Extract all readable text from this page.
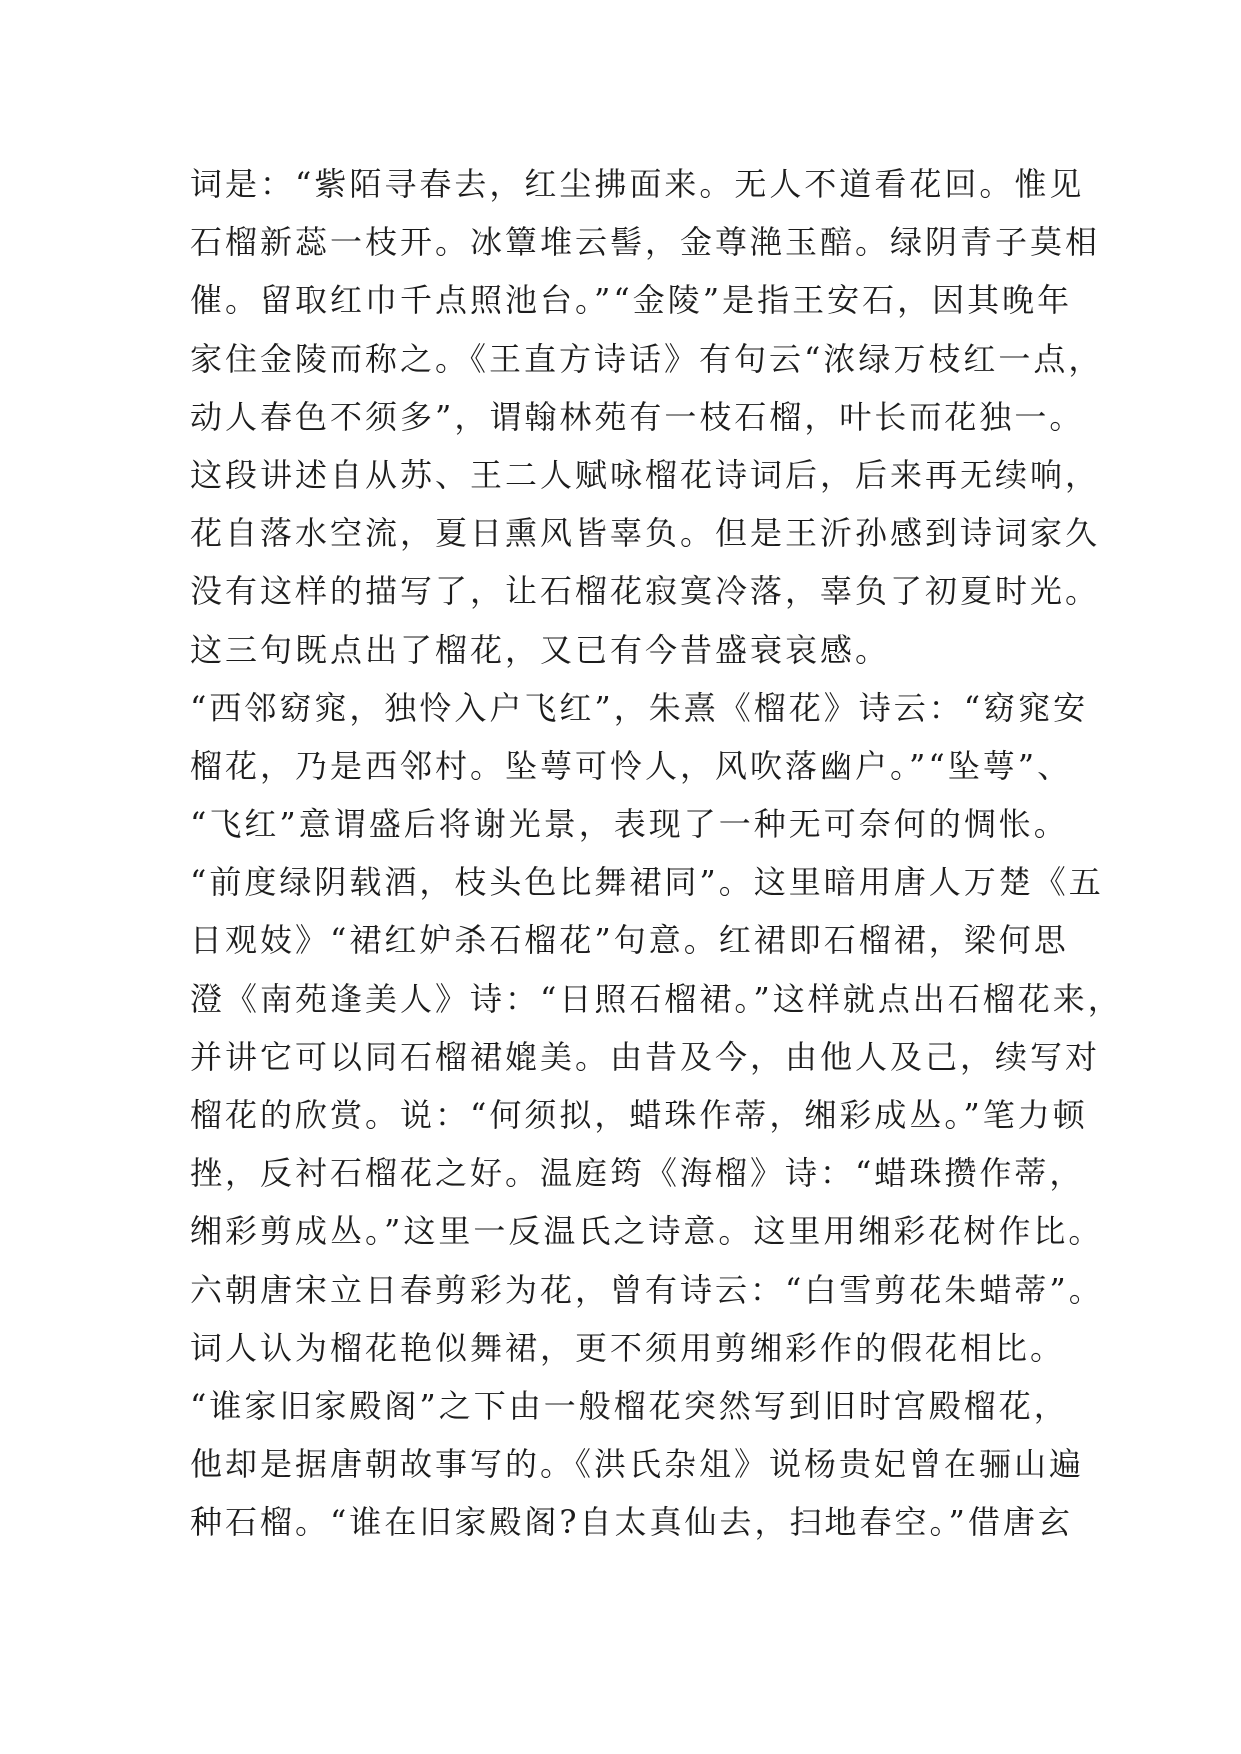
词是：“紫陌寻春去，红尘拂面来。无人不道看花回。惟见
石榴新蕊一枝开。冰簟堆云髻，金尊滟玉醅。绿阴青子莫相
催。留取红巾千点照池台。”“金陵”是指王安石，因其晚年
家住金陵而称之。《王直方诗话》有句云“浓绿万枝红一点，
动人春色不须多”，谓翰林苑有一枝石榴，叶长而花独一。
这段讲述自从苏、王二人赋咏榴花诗词后，后来再无续响，
花自落水空流，夏日熏风皆辜负。但是王沂孙感到诗词家久
没有这样的描写了，让石榴花寂寞冷落，辜负了初夏时光。
这三句既点出了榴花，又已有今昔盛衰哀感。
“西邻窈窕，独怜入户飞红”，朱熹《榴花》诗云：“窈窕安
榴花，乃是西邻村。坠萼可怜人，风吹落幽户。”“坠萼”、
“飞红”意谓盛后将谢光景，表现了一种无可奈何的惆怅。
“前度绿阴载酒，枝头色比舞裙同”。这里暗用唐人万楚《五
日观妓》“裙红妒杀石榴花”句意。红裙即石榴裙，梁何思
澄《南苑逢美人》诗：“日照石榴裙。”这样就点出石榴花来，
并讲它可以同石榴裙媲美。由昔及今，由他人及己，续写对
榴花的欣赏。说：“何须拟，蜡珠作蒂，缃彩成丛。”笔力顿
挫，反衬石榴花之好。温庭筠《海榴》诗：“蜡珠攒作蒂，
缃彩剪成丛。”这里一反温氏之诗意。这里用缃彩花树作比。
六朝唐宋立日春剪彩为花，曾有诗云：“白雪剪花朱蜡蒂”。
词人认为榴花艳似舞裙，更不须用剪缃彩作的假花相比。
“谁家旧家殿阁”之下由一般榴花突然写到旧时宫殿榴花，
他却是据唐朝故事写的。《洪氏杂俎》说杨贵妃曾在骊山遍
种石榴。“谁在旧家殿阁?自太真仙去，扫地春空。”借唐玄
